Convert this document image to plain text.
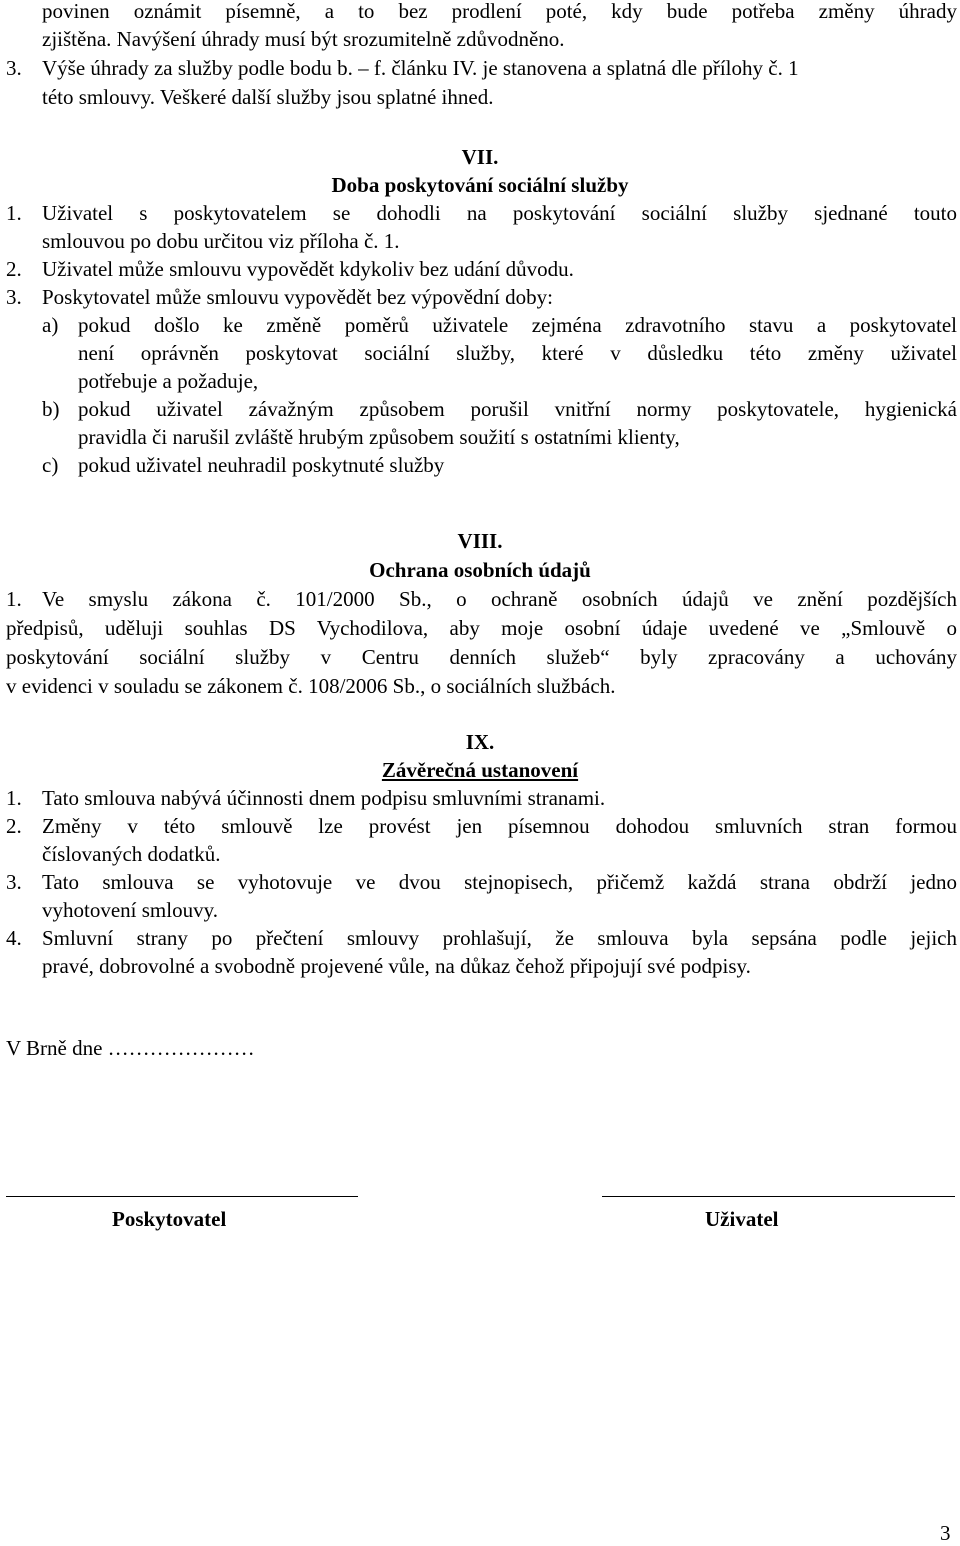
povinen oznámit písemně, a to bez prodlení poté, kdy bude potřeba změny úhrady
zjištěna. Navýšení úhrady musí být srozumitelně zdůvodněno.
3. Výše úhrady za služby podle bodu b. – f. článku IV. je stanovena a splatná dle přílohy č. 1
této smlouvy. Veškeré další služby jsou splatné ihned.
VII.
Doba poskytování sociální služby
1. Uživatel s poskytovatelem se dohodli na poskytování sociální služby sjednané touto
smlouvou po dobu určitou viz příloha č. 1.
2. Uživatel může smlouvu vypovědět kdykoliv bez udání důvodu.
3. Poskytovatel může smlouvu vypovědět bez výpovědní doby:
a) pokud došlo ke změně poměrů uživatele zejména zdravotního stavu a poskytovatel
není oprávněn poskytovat sociální služby, které v důsledku této změny uživatel
potřebuje a požaduje,
b) pokud uživatel závažným způsobem porušil vnitřní normy poskytovatele, hygienická
pravidla či narušil zvláště hrubým způsobem soužití s ostatními klienty,
c) pokud uživatel neuhradil poskytnuté služby
VIII.
Ochrana osobních údajů
1. Ve smyslu zákona č. 101/2000 Sb., o ochraně osobních údajů ve znění pozdějších
předpisů, uděluji souhlas DS Vychodilova, aby moje osobní údaje uvedené ve „Smlouvě o
poskytování sociální služby v Centru denních služeb“ byly zpracovány a uchovány
v evidenci v souladu se zákonem č. 108/2006 Sb., o sociálních službách.
IX.
Závěrečná ustanovení
1. Tato smlouva nabývá účinnosti dnem podpisu smluvními stranami.
2. Změny v této smlouvě lze provést jen písemnou dohodou smluvních stran formou
číslovaných dodatků.
3. Tato smlouva se vyhotovuje ve dvou stejnopisech, přičemž každá strana obdrží jedno
vyhotovení smlouvy.
4. Smluvní strany po přečtení smlouvy prohlašují, že smlouva byla sepsána podle jejich
pravé, dobrovolné a svobodně projevené vůle, na důkaz čehož připojují své podpisy.
V Brně dne …………………
Poskytovatel	Uživatel
3
